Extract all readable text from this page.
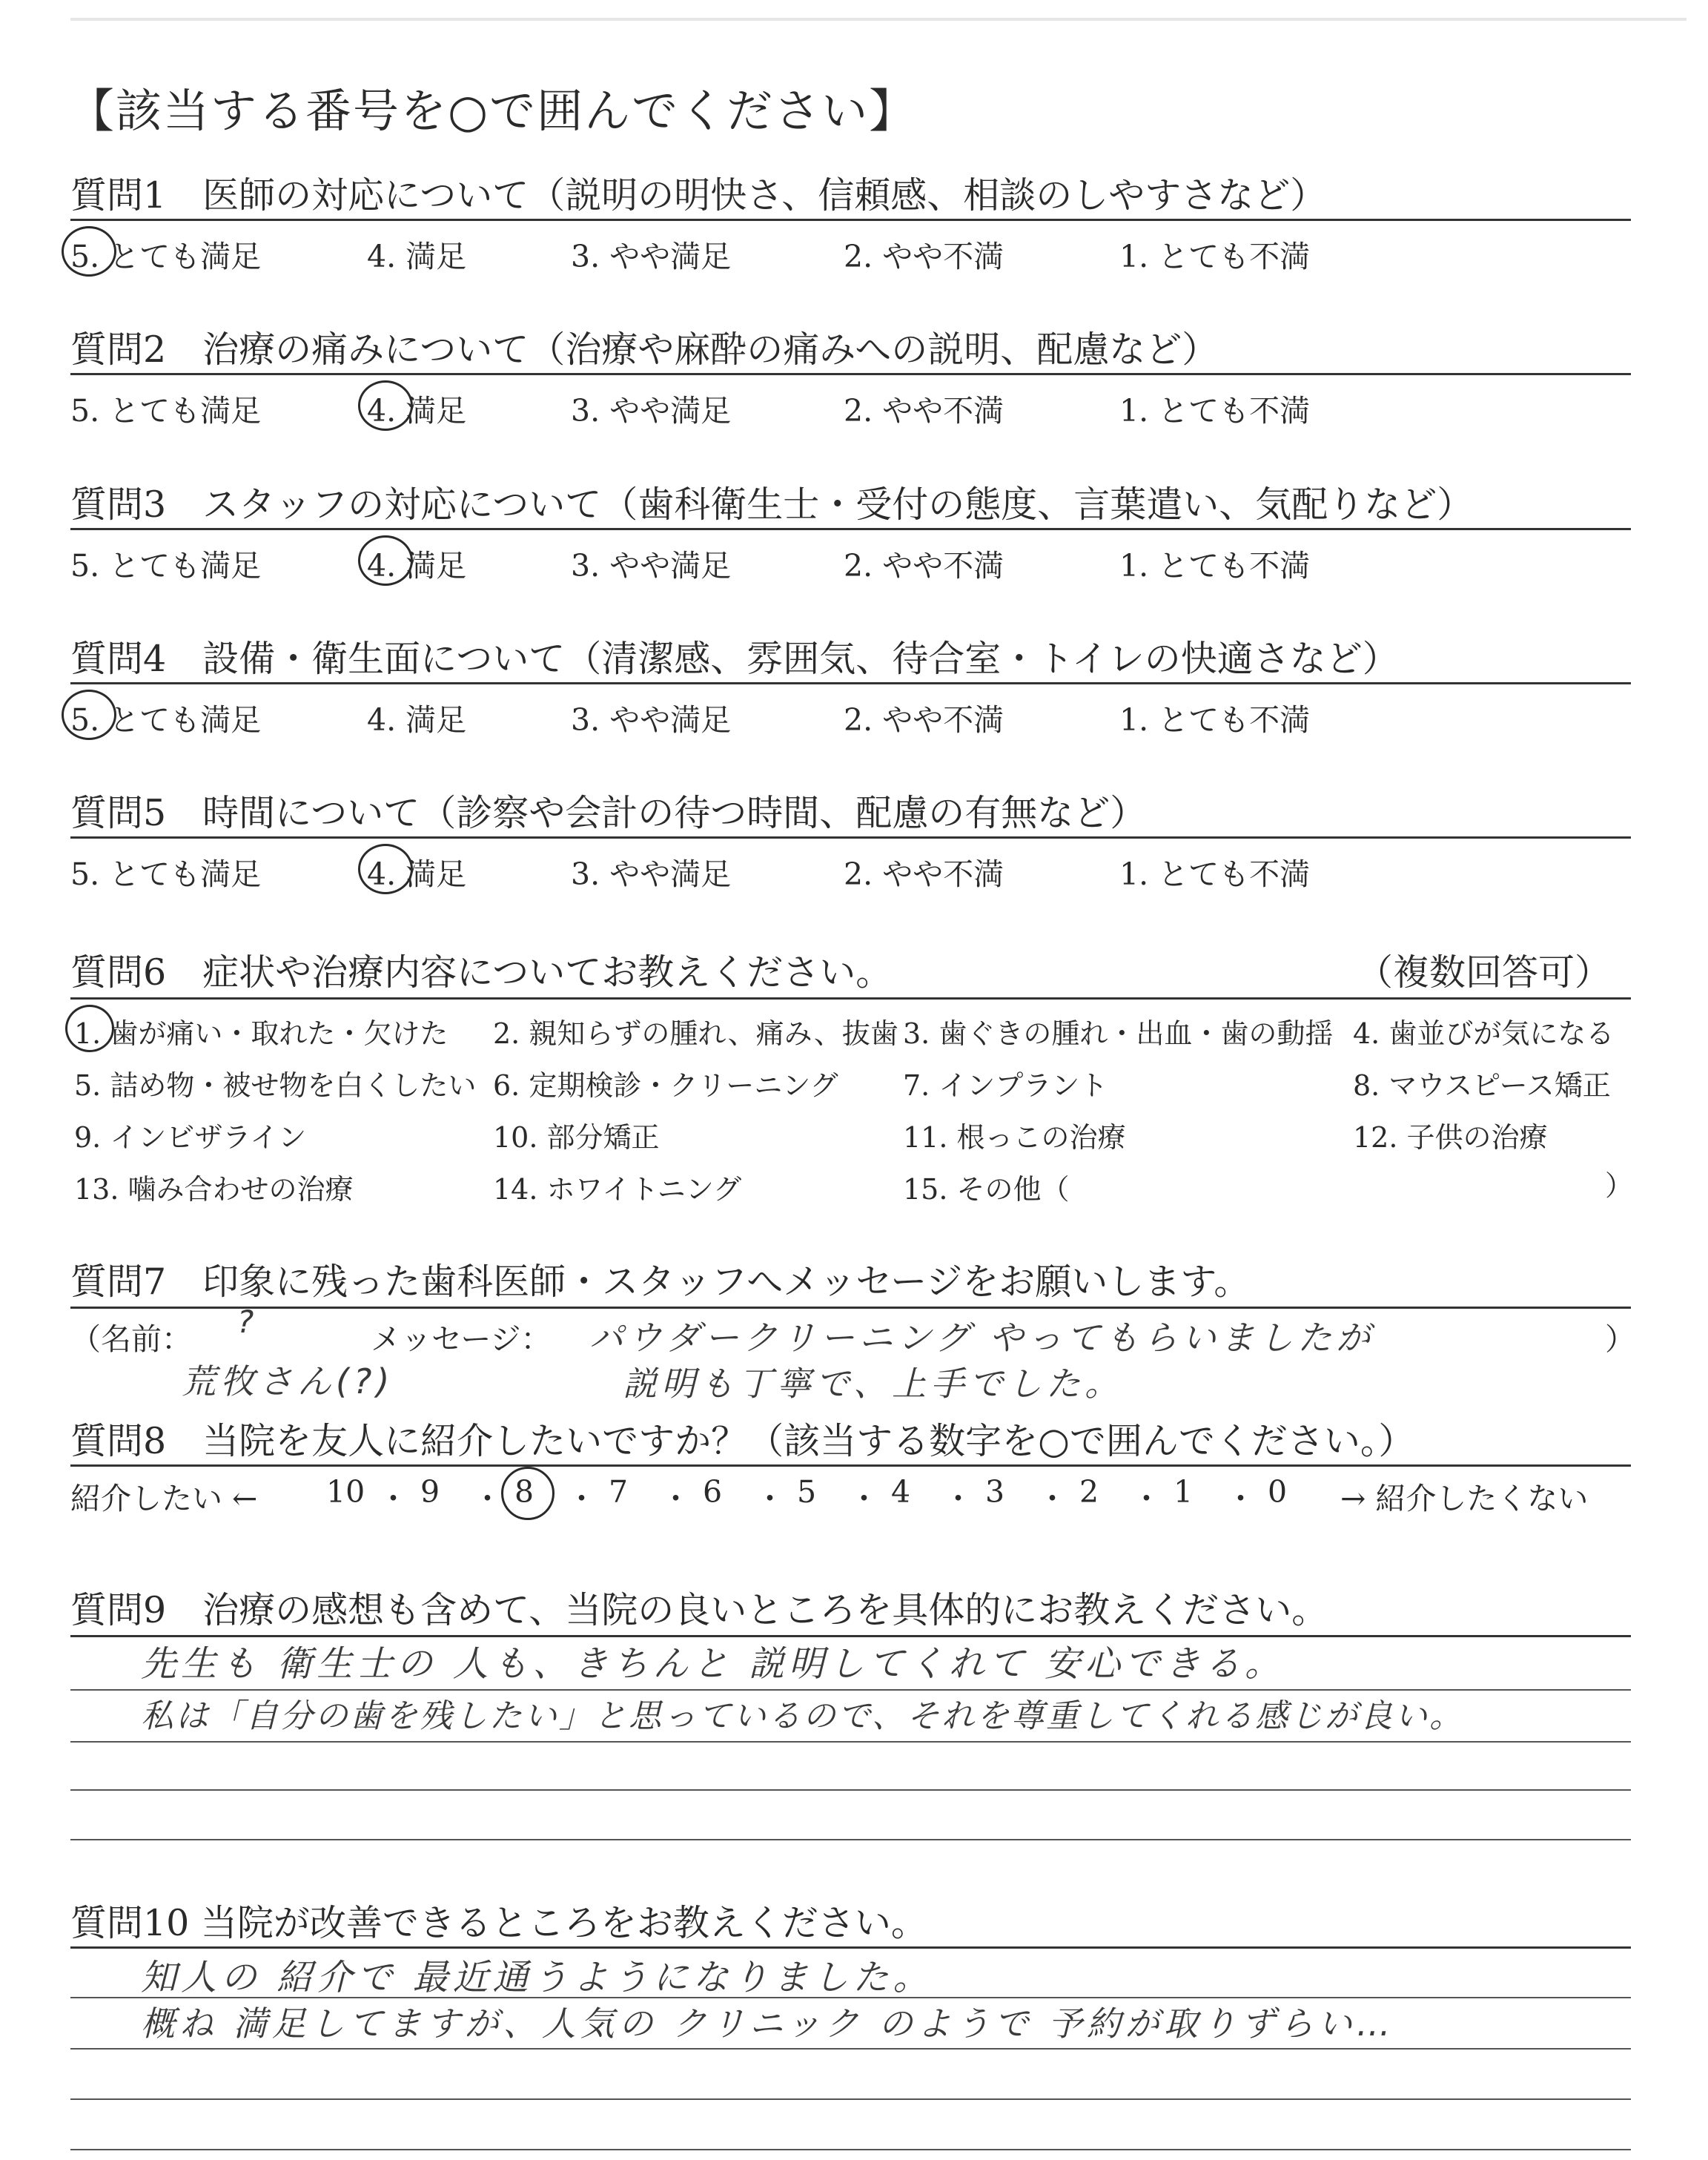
【該当する番号を○で囲んでください】
質問1　医師の対応について（説明の明快さ、信頼感、相談のしやすさなど）
5. とても満足	4. 満足	3. やや満足	2. やや不満	1. とても不満
質問2　治療の痛みについて（治療や麻酔の痛みへの説明、配慮など）
5. とても満足	4. 満足	3. やや満足	2. やや不満	1. とても不満
質問3　スタッフの対応について（歯科衛生士・受付の態度、言葉遣い、気配りなど）
5. とても満足	4. 満足	3. やや満足	2. やや不満	1. とても不満
質問4　設備・衛生面について（清潔感、雰囲気、待合室・トイレの快適さなど）
5. とても満足	4. 満足	3. やや満足	2. やや不満	1. とても不満
質問5　時間について（診察や会計の待つ時間、配慮の有無など）
5. とても満足	4. 満足	3. やや満足	2. やや不満	1. とても不満
質問6　症状や治療内容についてお教えください。	（複数回答可）
1. 歯が痛い・取れた・欠けた 2. 親知らずの腫れ、痛み、抜歯 3. 歯ぐきの腫れ・出血・歯の動揺 4. 歯並びが気になる
5. 詰め物・被せ物を白くしたい 6. 定期検診・クリーニング 7. インプラント	8. マウスピース矯正
9. インビザライン	10. 部分矯正	11. 根っこの治療	12. 子供の治療
13. 噛み合わせの治療	14. ホワイトニング	15. その他（	）
質問7　印象に残った歯科医師・スタッフへメッセージをお願いします。
（名前： ?	メッセージ：	）
パウダークリーニング やってもらいましたが
荒牧さん(?)	説明も丁寧で、上手でした。
質問8　当院を友人に紹介したいですか？（該当する数字を○で囲んでください。）
紹介したい ←	→ 紹介したくない
10 ・ 9 ・ 8 ・ 7 ・ 6 ・ 5 ・ 4 ・ 3 ・ 2 ・ 1 ・ 0
質問9　治療の感想も含めて、当院の良いところを具体的にお教えください。
先生も 衛生士の 人も、きちんと 説明してくれて 安心できる。
私は「自分の歯を残したい」と思っているので、それを尊重してくれる感じが良い。
質問10 当院が改善できるところをお教えください。
知人の 紹介で 最近通うようになりました。
概ね 満足してますが、人気の クリニック のようで 予約が取りずらい…
